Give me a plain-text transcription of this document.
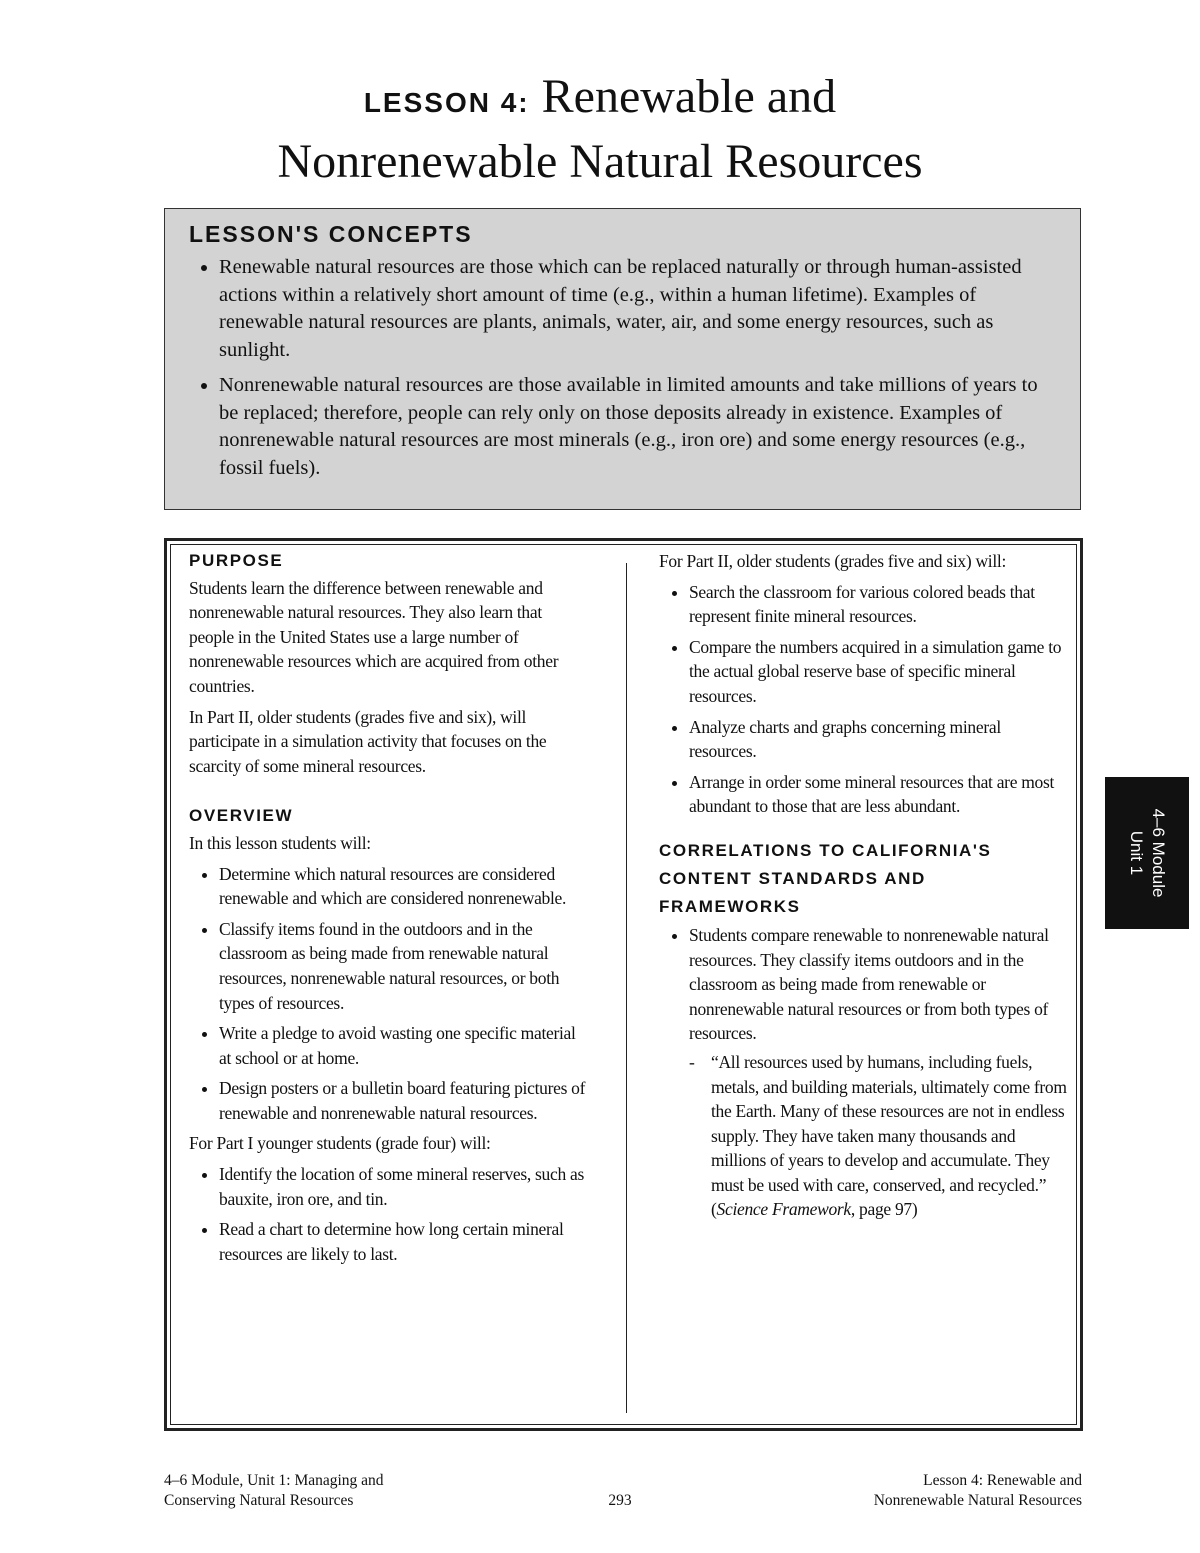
LESSON 4: Renewable and
Nonrenewable Natural Resources
LESSON'S CONCEPTS
• Renewable natural resources are those which can be replaced naturally or through human-assisted actions within a relatively short amount of time (e.g., within a human lifetime). Examples of renewable natural resources are plants, animals, water, air, and some energy resources, such as sunlight.
• Nonrenewable natural resources are those available in limited amounts and take millions of years to be replaced; therefore, people can rely only on those deposits already in existence. Examples of nonrenewable natural resources are most minerals (e.g., iron ore) and some energy resources (e.g., fossil fuels).
PURPOSE

Students learn the difference between renewable and nonrenewable natural resources. They also learn that people in the United States use a large number of nonrenewable resources which are acquired from other countries.

In Part II, older students (grades five and six), will participate in a simulation activity that focuses on the scarcity of some mineral resources.

OVERVIEW

In this lesson students will:

• Determine which natural resources are considered renewable and which are considered nonrenewable.
• Classify items found in the outdoors and in the classroom as being made from renewable natural resources, nonrenewable natural resources, or both types of resources.
• Write a pledge to avoid wasting one specific material at school or at home.
• Design posters or a bulletin board featuring pictures of renewable and nonrenewable natural resources.

For Part I younger students (grade four) will:

• Identify the location of some mineral reserves, such as bauxite, iron ore, and tin.
• Read a chart to determine how long certain mineral resources are likely to last.

For Part II, older students (grades five and six) will:

• Search the classroom for various colored beads that represent finite mineral resources.
• Compare the numbers acquired in a simulation game to the actual global reserve base of specific mineral resources.
• Analyze charts and graphs concerning mineral resources.
• Arrange in order some mineral resources that are most abundant to those that are less abundant.
CORRELATIONS TO CALIFORNIA'S CONTENT STANDARDS AND FRAMEWORKS
• Students compare renewable to nonrenewable natural resources. They classify items outdoors and in the classroom as being made from renewable or nonrenewable natural resources or from both types of resources.
- “All resources used by humans, including fuels, metals, and building materials, ultimately come from the Earth. Many of these resources are not in endless supply. They have taken many thousands and millions of years to develop and accumulate. They must be used with care, conserved, and recycled.” (Science Framework, page 97)
4–6 Module
Unit 1
4–6 Module, Unit 1: Managing and
Conserving Natural Resources	293
Lesson 4: Renewable and
Nonrenewable Natural Resources
